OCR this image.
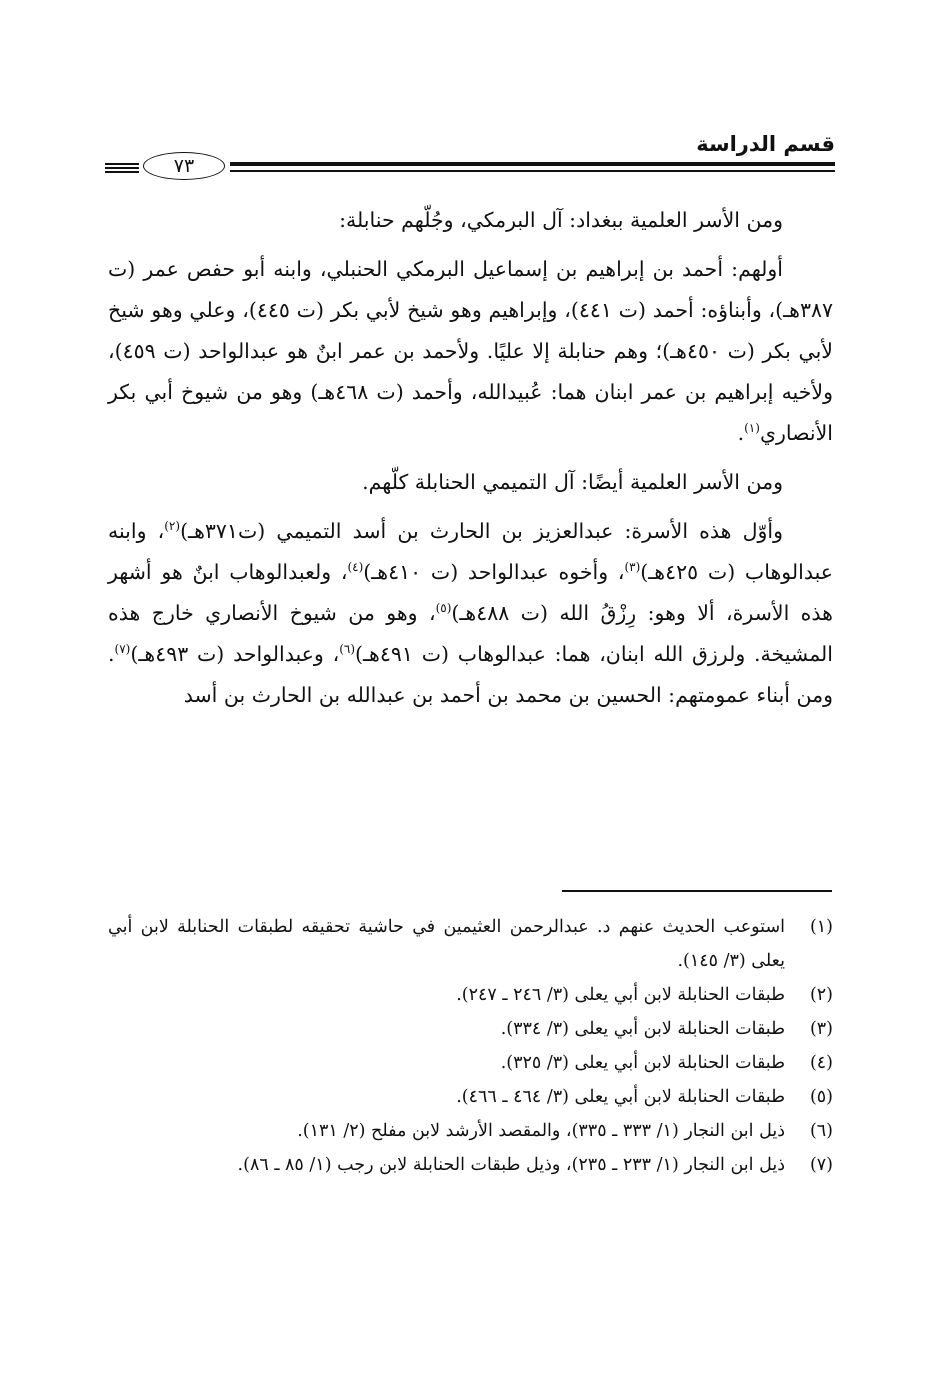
قسم الدراسة
٧٣

ومن الأسر العلمية ببغداد: آل البرمكي، وجُلّهم حنابلة:

أولهم: أحمد بن إبراهيم بن إسماعيل البرمكي الحنبلي، وابنه أبو حفص عمر (ت ٣٨٧هـ)، وأبناؤه: أحمد (ت ٤٤١)، وإبراهيم وهو شيخ لأبي بكر (ت ٤٤٥)، وعلي وهو شيخ لأبي بكر (ت ٤٥٠هـ)؛ وهم حنابلة إلا عليًا. ولأحمد بن عمر ابنٌ هو عبدالواحد (ت ٤٥٩)، ولأخيه إبراهيم بن عمر ابنان هما: عُبيدالله، وأحمد (ت ٤٦٨هـ) وهو من شيوخ أبي بكر الأنصاري$^{(١)}$.

ومن الأسر العلمية أيضًا: آل التميمي الحنابلة كلّهم.

وأوّل هذه الأسرة: عبدالعزيز بن الحارث بن أسد التميمي (ت٣٧١هـ)$^{(٢)}$، وابنه عبدالوهاب (ت ٤٢٥هـ)$^{(٣)}$، وأخوه عبدالواحد (ت ٤١٠هـ)$^{(٤)}$، ولعبدالوهاب ابنٌ هو أشهر هذه الأسرة، ألا وهو: رِزْقُ الله (ت ٤٨٨هـ)$^{(٥)}$، وهو من شيوخ الأنصاري خارج هذه المشيخة. ولرزق الله ابنان، هما: عبدالوهاب (ت ٤٩١هـ)$^{(٦)}$، وعبدالواحد (ت ٤٩٣هـ)$^{(٧)}$. ومن أبناء عمومتهم: الحسين بن محمد بن أحمد بن عبدالله بن الحارث بن أسد

(١)
استوعب الحديث عنهم د. عبدالرحمن العثيمين في حاشية تحقيقه لطبقات الحنابلة لابن أبي يعلى (٣/ ١٤٥).
(٢)
طبقات الحنابلة لابن أبي يعلى (٣/ ٢٤٦ ـ ٢٤٧).
(٣)
طبقات الحنابلة لابن أبي يعلى (٣/ ٣٣٤).
(٤)
طبقات الحنابلة لابن أبي يعلى (٣/ ٣٢٥).
(٥)
طبقات الحنابلة لابن أبي يعلى (٣/ ٤٦٤ ـ ٤٦٦).
(٦)
ذيل ابن النجار (١/ ٣٣٣ ـ ٣٣٥)، والمقصد الأرشد لابن مفلح (٢/ ١٣١).
(٧)
ذيل ابن النجار (١/ ٢٣٣ ـ ٢٣٥)، وذيل طبقات الحنابلة لابن رجب (١/ ٨٥ ـ ٨٦).
